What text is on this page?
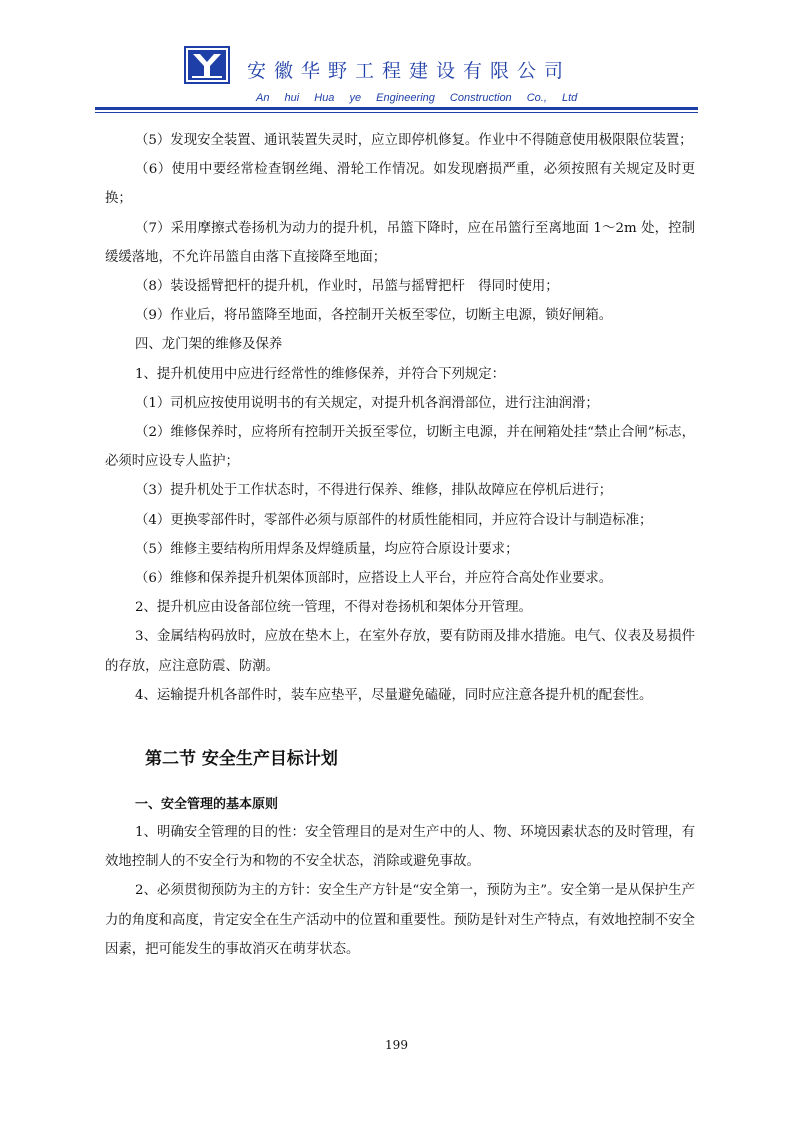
安徽华野工程建设有限公司
An hui Hua ye Engineering Construction Co., Ltd

（5）发现安全装置、通讯装置失灵时，应立即停机修复。作业中不得随意使用极限限位装置；

（6）使用中要经常检查钢丝绳、滑轮工作情况。如发现磨损严重，必须按照有关规定及时更换；

（7）采用摩擦式卷扬机为动力的提升机，吊篮下降时，应在吊篮行至离地面 1～2m 处，控制缓缓落地，不允许吊篮自由落下直接降至地面；

（8）装设摇臂把杆的提升机，作业时，吊篮与摇臂把杆　得同时使用；

（9）作业后，将吊篮降至地面，各控制开关板至零位，切断主电源，锁好闸箱。

四、龙门架的维修及保养

1、提升机使用中应进行经常性的维修保养，并符合下列规定：

（1）司机应按使用说明书的有关规定，对提升机各润滑部位，进行注油润滑；

（2）维修保养时，应将所有控制开关扳至零位，切断主电源，并在闸箱处挂“禁止合闸”标志，必须时应设专人监护；

（3）提升机处于工作状态时，不得进行保养、维修，排队故障应在停机后进行；

（4）更换零部件时，零部件必须与原部件的材质性能相同，并应符合设计与制造标准；

（5）维修主要结构所用焊条及焊缝质量，均应符合原设计要求；

（6）维修和保养提升机架体顶部时，应搭设上人平台，并应符合高处作业要求。

2、提升机应由设备部位统一管理，不得对卷扬机和架体分开管理。

3、金属结构码放时，应放在垫木上，在室外存放，要有防雨及排水措施。电气、仪表及易损件的存放，应注意防震、防潮。

4、运输提升机各部件时，装车应垫平，尽量避免磕碰，同时应注意各提升机的配套性。

第二节 安全生产目标计划
一、安全管理的基本原则

1、明确安全管理的目的性：安全管理目的是对生产中的人、物、环境因素状态的及时管理，有效地控制人的不安全行为和物的不安全状态，消除或避免事故。

2、必须贯彻预防为主的方针：安全生产方针是“安全第一，预防为主”。安全第一是从保护生产力的角度和高度，肯定安全在生产活动中的位置和重要性。预防是针对生产特点，有效地控制不安全因素，把可能发生的事故消灭在萌芽状态。

199
